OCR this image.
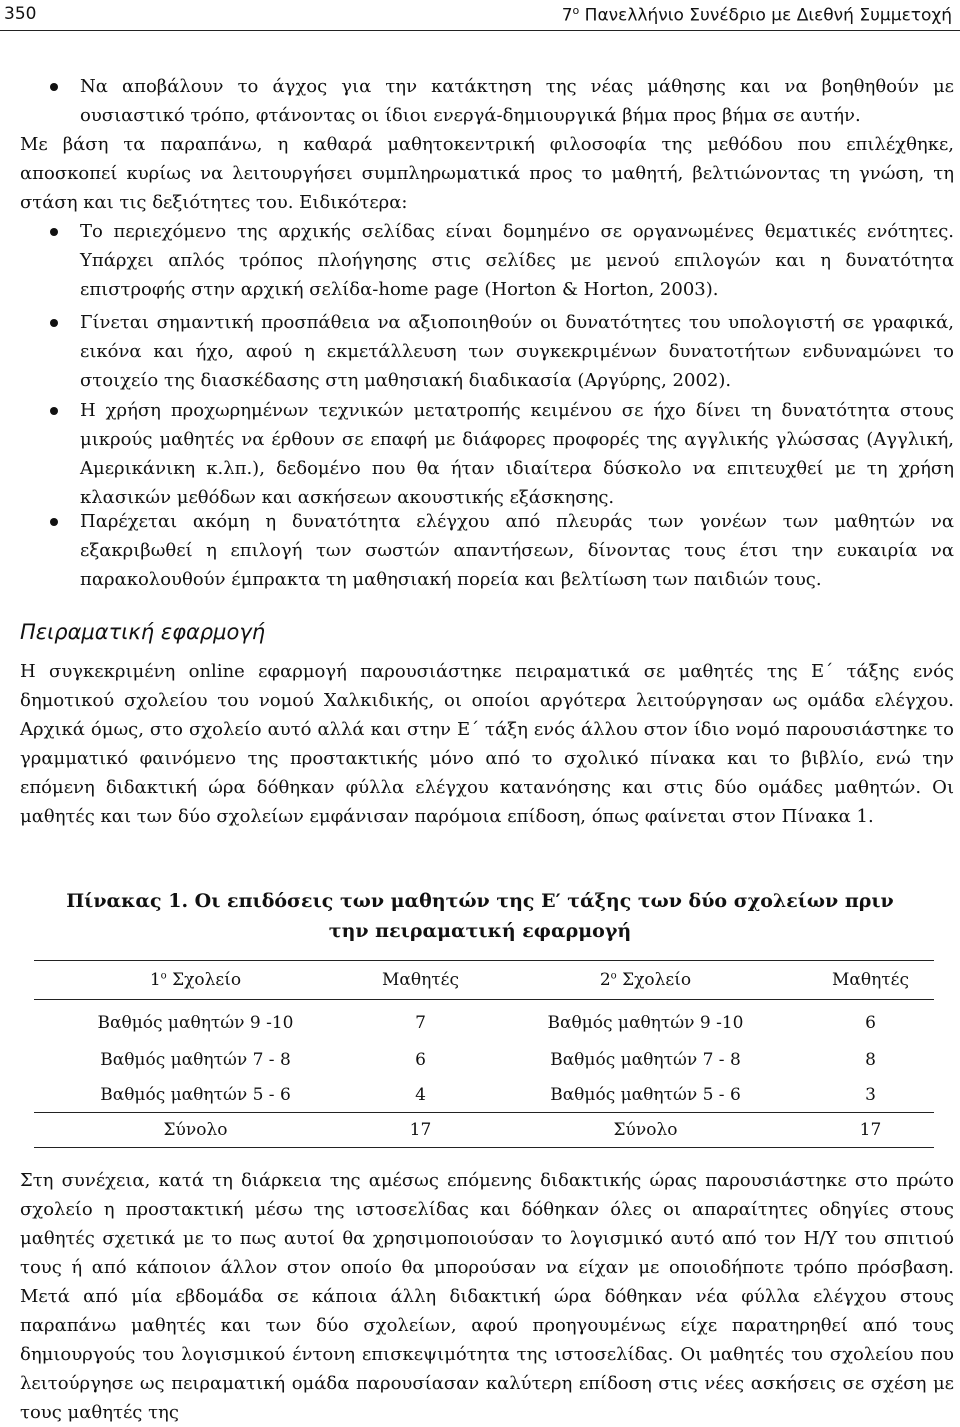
350	$7^o$ Πανελλήνιο Συνέδριο με Διεθνή Συμμετοχή
Να αποβάλουν το άγχος για την κατάκτηση της νέας μάθησης και να βοηθηθούν με ουσιαστικό τρόπο, φτάνοντας οι ίδιοι ενεργά-δημιουργικά βήμα προς βήμα σε αυτήν.
Με βάση τα παραπάνω, η καθαρά μαθητοκεντρική φιλοσοφία της μεθόδου που επιλέχθηκε, αποσκοπεί κυρίως να λειτουργήσει συμπληρωματικά προς το μαθητή, βελτιώνοντας τη γνώση, τη στάση και τις δεξιότητες του. Ειδικότερα:
Το περιεχόμενο της αρχικής σελίδας είναι δομημένο σε οργανωμένες θεματικές ενότητες. Υπάρχει απλός τρόπος πλοήγησης στις σελίδες με μενού επιλογών και η δυνατότητα επιστροφής στην αρχική σελίδα-home page (Horton & Horton, 2003).
Γίνεται σημαντική προσπάθεια να αξιοποιηθούν οι δυνατότητες του υπολογιστή σε γραφικά, εικόνα και ήχο, αφού η εκμετάλλευση των συγκεκριμένων δυνατοτήτων ενδυναμώνει το στοιχείο της διασκέδασης στη μαθησιακή διαδικασία (Αργύρης, 2002).
Η χρήση προχωρημένων τεχνικών μετατροπής κειμένου σε ήχο δίνει τη δυνατότητα στους μικρούς μαθητές να έρθουν σε επαφή με διάφορες προφορές της αγγλικής γλώσσας (Αγγλική, Αμερικάνικη κ.λπ.), δεδομένο που θα ήταν ιδιαίτερα δύσκολο να επιτευχθεί με τη χρήση κλασικών μεθόδων και ασκήσεων ακουστικής εξάσκησης.
Παρέχεται ακόμη η δυνατότητα ελέγχου από πλευράς των γονέων των μαθητών να εξακριβωθεί η επιλογή των σωστών απαντήσεων, δίνοντας τους έτσι την ευκαιρία να παρακολουθούν έμπρακτα τη μαθησιακή πορεία και βελτίωση των παιδιών τους.
Πειραματική εφαρμογή
Η συγκεκριμένη online εφαρμογή παρουσιάστηκε πειραματικά σε μαθητές της Ε΄ τάξης ενός δημοτικού σχολείου του νομού Χαλκιδικής, οι οποίοι αργότερα λειτούργησαν ως ομάδα ελέγχου. Αρχικά όμως, στο σχολείο αυτό αλλά και στην Ε΄ τάξη ενός άλλου στον ίδιο νομό παρουσιάστηκε το γραμματικό φαινόμενο της προστακτικής μόνο από το σχολικό πίνακα και το βιβλίο, ενώ την επόμενη διδακτική ώρα δόθηκαν φύλλα ελέγχου κατανόησης και στις δύο ομάδες μαθητών. Οι μαθητές και των δύο σχολείων εμφάνισαν παρόμοια επίδοση, όπως φαίνεται στον Πίνακα 1.
Πίνακας 1. Οι επιδόσεις των μαθητών της Ε′ τάξης των δύο σχολείων πριν την πειραματική εφαρμογή
$1^o$ Σχολείο	Μαθητές	$2^o$ Σχολείο	Μαθητές
Βαθμός μαθητών 9 -10	7	Βαθμός μαθητών 9 -10	6
Βαθμός μαθητών 7 - 8	6	Βαθμός μαθητών 7 - 8	8
Βαθμός μαθητών 5 - 6	4	Βαθμός μαθητών 5 - 6	3
Σύνολο	17	Σύνολο	17
Στη συνέχεια, κατά τη διάρκεια της αμέσως επόμενης διδακτικής ώρας παρουσιάστηκε στο πρώτο σχολείο η προστακτική μέσω της ιστοσελίδας και δόθηκαν όλες οι απαραίτητες οδηγίες στους μαθητές σχετικά με το πως αυτοί θα χρησιμοποιούσαν το λογισμικό αυτό από τον Η/Υ του σπιτιού τους ή από κάποιον άλλον στον οποίο θα μπορούσαν να είχαν με οποιοδήποτε τρόπο πρόσβαση. Μετά από μία εβδομάδα σε κάποια άλλη διδακτική ώρα δόθηκαν νέα φύλλα ελέγχου στους παραπάνω μαθητές και των δύο σχολείων, αφού προηγουμένως είχε παρατηρηθεί από τους δημιουργούς του λογισμικού έντονη επισκεψιμότητα της ιστοσελίδας. Οι μαθητές του σχολείου που λειτούργησε ως πειραματική ομάδα παρουσίασαν καλύτερη επίδοση στις νέες ασκήσεις σε σχέση με τους μαθητές της
